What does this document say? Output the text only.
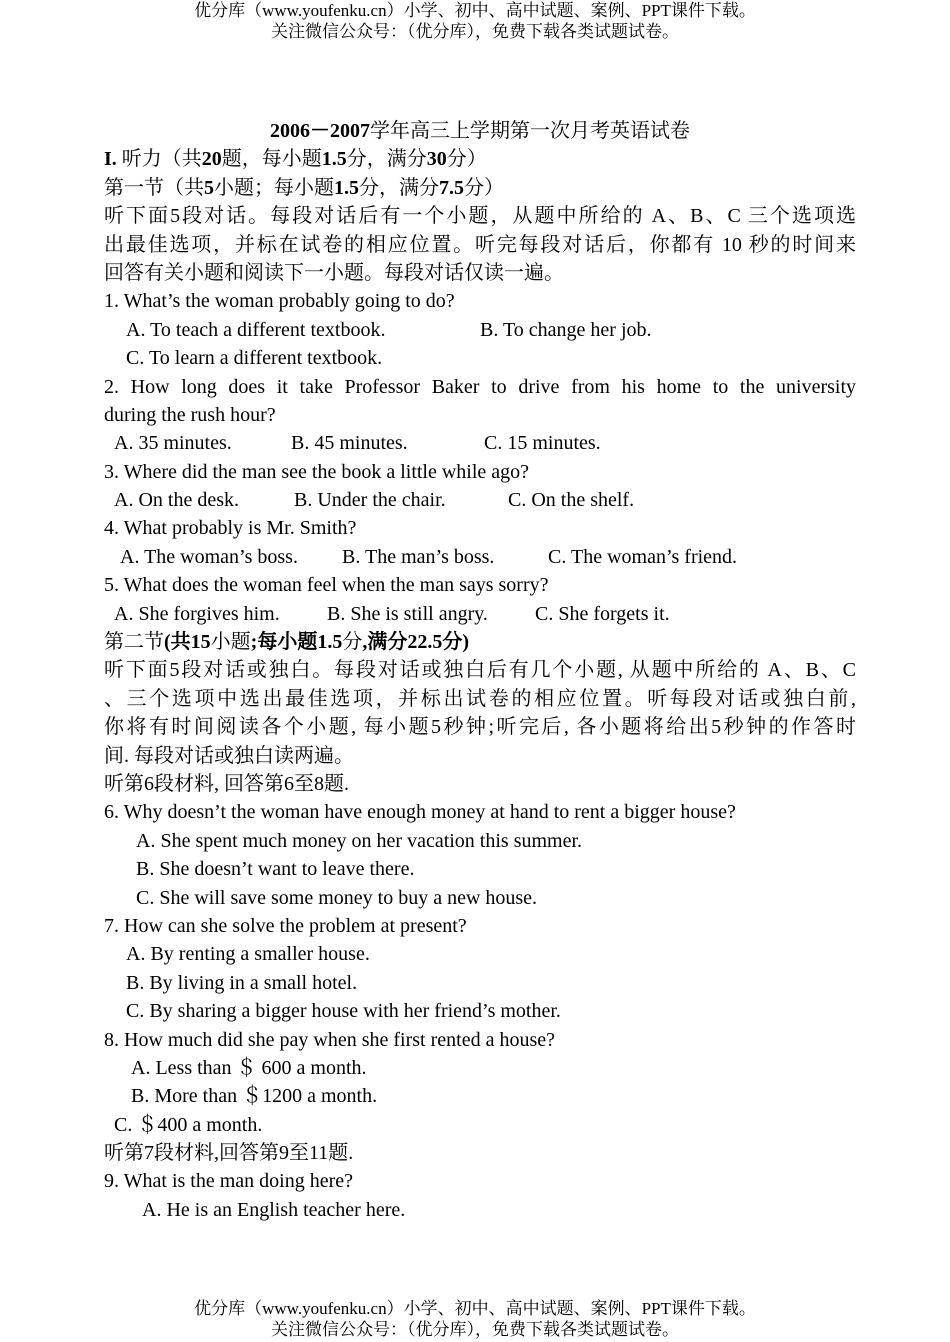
优分库（www.youfenku.cn）小学、初中、高中试题、案例、PPT课件下载。
关注微信公众号：（优分库），免费下载各类试题试卷。
2006－2007学年高三上学期第一次月考英语试卷
I. 听力（共20题，每小题1.5分，满分30分）
第一节（共5小题；每小题1.5分，满分7.5分）
听下面5段对话。每段对话后有一个小题，从题中所给的 A、B、C 三个选项选
出最佳选项，并标在试卷的相应位置。听完每段对话后，你都有 10 秒的时间来
回答有关小题和阅读下一小题。每段对话仅读一遍。
1. What’s the woman probably going to do?
A. To teach a different textbook.	B. To change her job.
C. To learn a different textbook.
2. How long does it take Professor Baker to drive from his home to the university
during the rush hour?
A. 35 minutes.	B. 45 minutes.	C. 15 minutes.
3. Where did the man see the book a little while ago?
A. On the desk.	B. Under the chair.	C. On the shelf.
4. What probably is Mr. Smith?
A. The woman’s boss. B. The man’s boss.	C. The woman’s friend.
5. What does the woman feel when the man says sorry?
A. She forgives him. B. She is still angry. C. She forgets it.
第二节(共15小题;每小题1.5分,满分22.5分)
听下面5段对话或独白。每段对话或独白后有几个小题, 从题中所给的 A、B、C
、三个选项中选出最佳选项，并标出试卷的相应位置。听每段对话或独白前,
你将有时间阅读各个小题, 每小题5秒钟;听完后, 各小题将给出5秒钟的作答时
间. 每段对话或独白读两遍。
听第6段材料, 回答第6至8题.
6. Why doesn’t the woman have enough money at hand to rent a bigger house?
A. She spent much money on her vacation this summer.
B. She doesn’t want to leave there.
C. She will save some money to buy a new house.
7. How can she solve the problem at present?
A. By renting a smaller house.
B. By living in a small hotel.
C. By sharing a bigger house with her friend’s mother.
8. How much did she pay when she first rented a house?
A. Less than ＄ 600 a month.
B. More than ＄1200 a month.
C. ＄400 a month.
听第7段材料,回答第9至11题.
9. What is the man doing here?
A. He is an English teacher here.
优分库（www.youfenku.cn）小学、初中、高中试题、案例、PPT课件下载。
关注微信公众号：（优分库），免费下载各类试题试卷。
